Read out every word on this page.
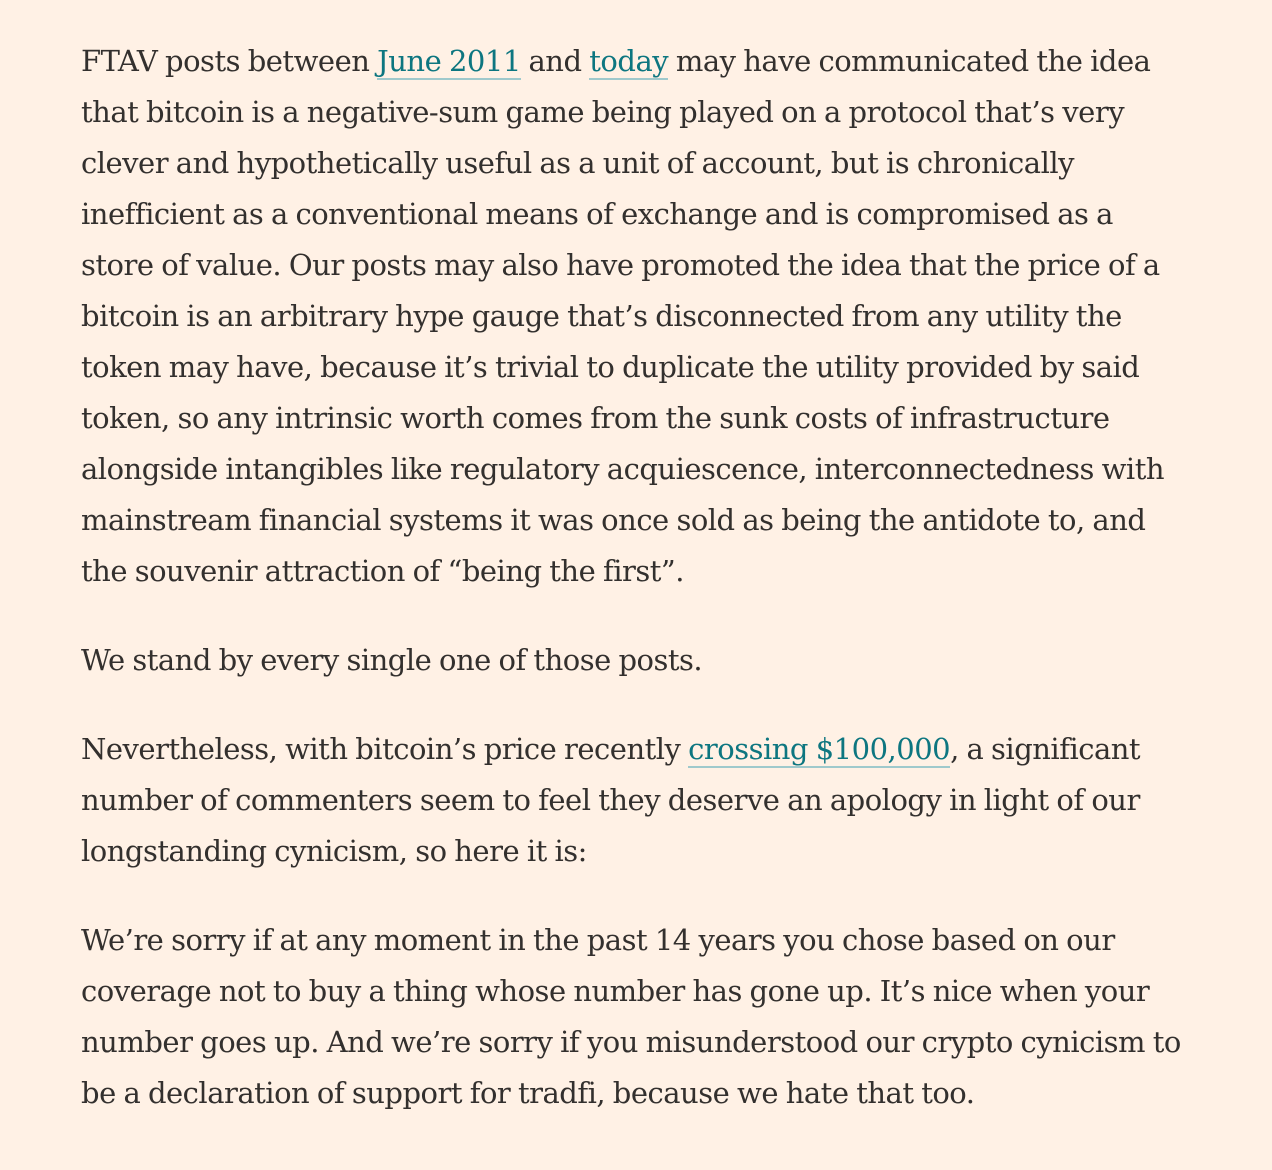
FTAV posts between June 2011 and today may have communicated the idea that bitcoin is a negative-sum game being played on a protocol that’s very clever and hypothetically useful as a unit of account, but is chronically inefficient as a conventional means of exchange and is compromised as a store of value. Our posts may also have promoted the idea that the price of a bitcoin is an arbitrary hype gauge that’s disconnected from any utility the token may have, because it’s trivial to duplicate the utility provided by said token, so any intrinsic worth comes from the sunk costs of infrastructure alongside intangibles like regulatory acquiescence, interconnectedness with mainstream financial systems it was once sold as being the antidote to, and the souvenir attraction of “being the first”.

We stand by every single one of those posts.

Nevertheless, with bitcoin’s price recently crossing $100,000, a significant number of commenters seem to feel they deserve an apology in light of our longstanding cynicism, so here it is:

We’re sorry if at any moment in the past 14 years you chose based on our coverage not to buy a thing whose number has gone up. It’s nice when your number goes up. And we’re sorry if you misunderstood our crypto cynicism to be a declaration of support for tradfi, because we hate that too.
